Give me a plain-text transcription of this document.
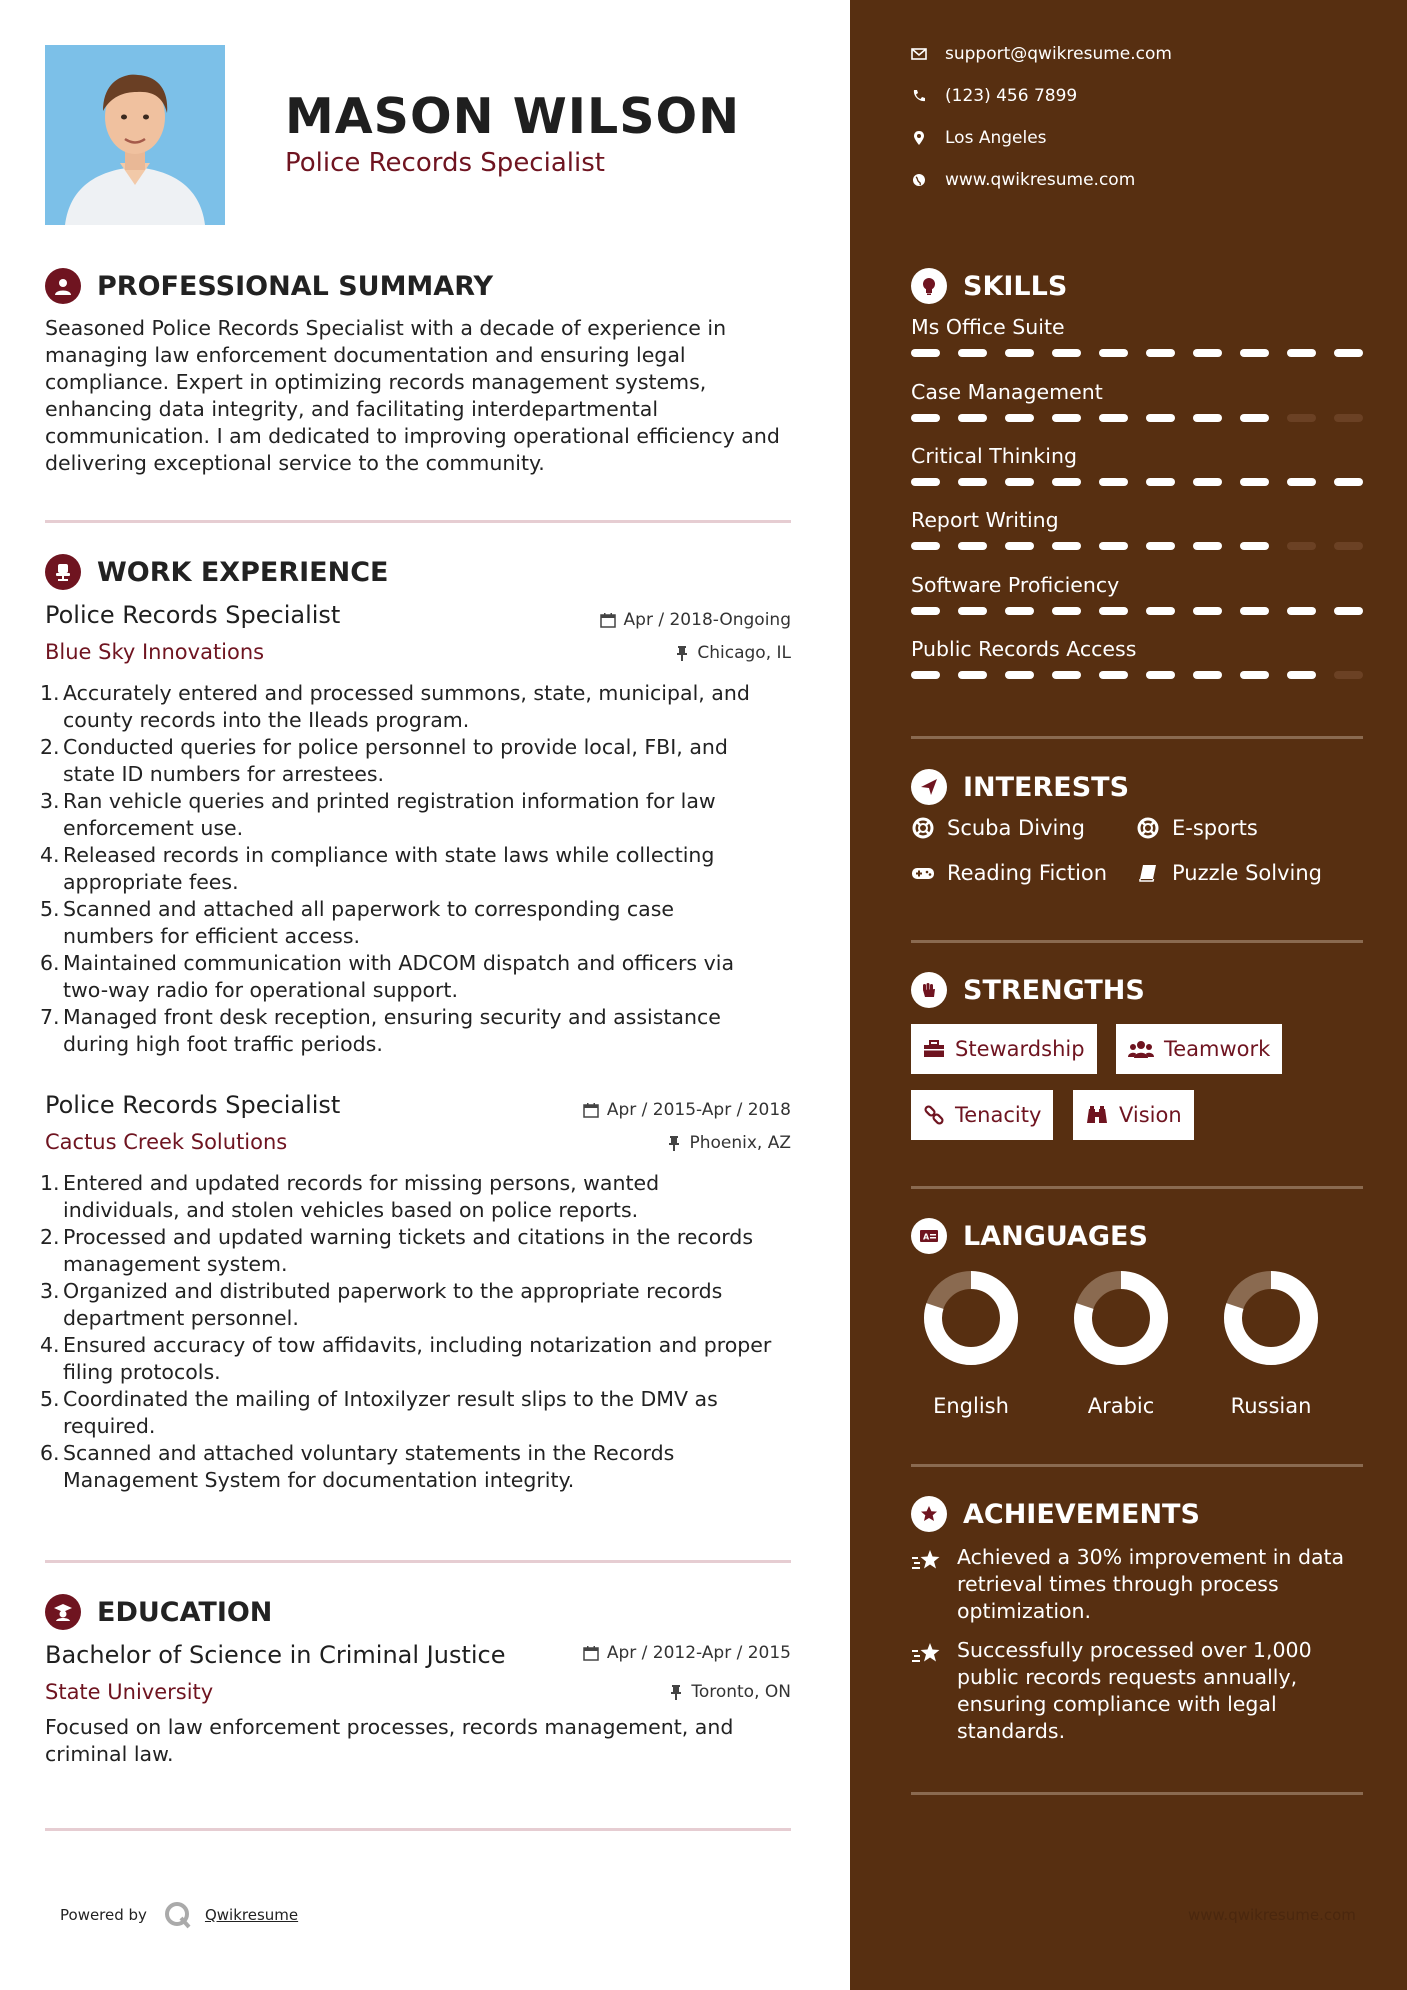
MASON WILSON
Police Records Specialist
PROFESSIONAL SUMMARY
Seasoned Police Records Specialist with a decade of experience in managing law enforcement documentation and ensuring legal compliance. Expert in optimizing records management systems, enhancing data integrity, and facilitating interdepartmental communication. I am dedicated to improving operational efficiency and delivering exceptional service to the community.
WORK EXPERIENCE
Police Records Specialist
Blue Sky Innovations
Apr / 2018-Ongoing
Chicago, IL
1. Accurately entered and processed summons, state, municipal, and
county records into the Ileads program.
2. Conducted queries for police personnel to provide local, FBI, and
state ID numbers for arrestees.
3. Ran vehicle queries and printed registration information for law
enforcement use.
4. Released records in compliance with state laws while collecting
appropriate fees.
5. Scanned and attached all paperwork to corresponding case
numbers for efficient access.
6. Maintained communication with ADCOM dispatch and officers via
two-way radio for operational support.
7. Managed front desk reception, ensuring security and assistance
during high foot traffic periods.
Police Records Specialist
Cactus Creek Solutions
Apr / 2015-Apr / 2018
Phoenix, AZ
1. Entered and updated records for missing persons, wanted
individuals, and stolen vehicles based on police reports.
2. Processed and updated warning tickets and citations in the records
management system.
3. Organized and distributed paperwork to the appropriate records
department personnel.
4. Ensured accuracy of tow affidavits, including notarization and proper
filing protocols.
5. Coordinated the mailing of Intoxilyzer result slips to the DMV as
required.
6. Scanned and attached voluntary statements in the Records
Management System for documentation integrity.
EDUCATION
Bachelor of Science in Criminal Justice
State University
Apr / 2012-Apr / 2015
Toronto, ON
Focused on law enforcement processes, records management, and criminal law.
Powered by	Qwikresume
support@qwikresume.com
(123) 456 7899
Los Angeles
www.qwikresume.com
SKILLS
Ms Office Suite
Case Management
Critical Thinking
Report Writing
Software Proficiency
Public Records Access
INTERESTS
Scuba Diving	E-sports
Reading Fiction	Puzzle Solving
STRENGTHS
Stewardship	Teamwork
Tenacity	Vision
A LANGUAGES
English	Arabic	Russian
ACHIEVEMENTS
Achieved a 30% improvement in data
retrieval times through process
optimization.
Successfully processed over 1,000
public records requests annually,
ensuring compliance with legal
standards.
www.qwikresume.com
